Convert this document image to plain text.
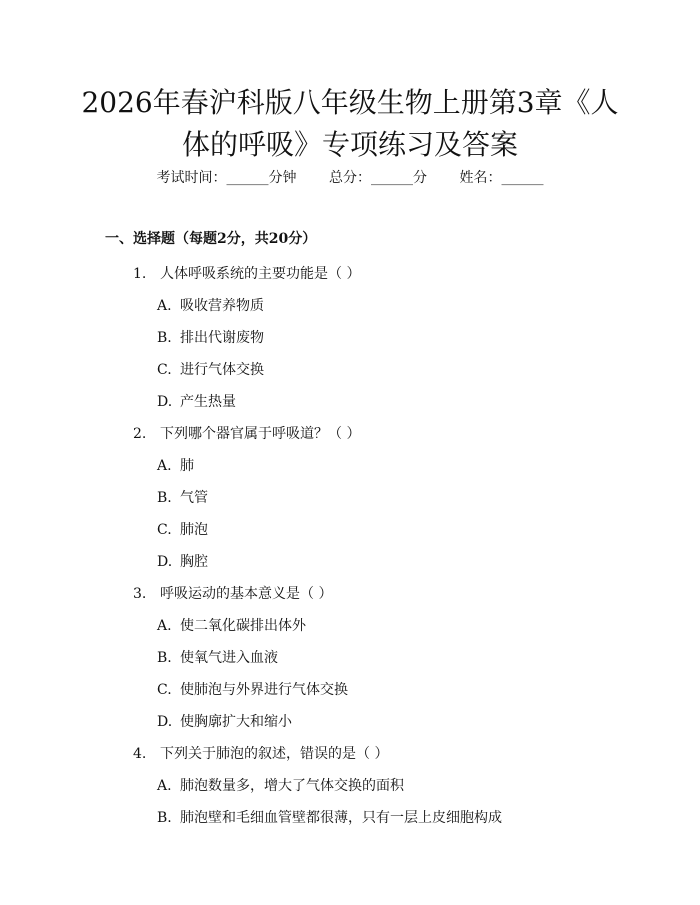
2026年春沪科版八年级生物上册第3章《人
体的呼吸》专项练习及答案
考试时间：______分钟 总分：______分 姓名：______
一、选择题（每题2分，共20分）
1. 人体呼吸系统的主要功能是（ ）
A. 吸收营养物质
B. 排出代谢废物
C. 进行气体交换
D. 产生热量
2. 下列哪个器官属于呼吸道？（ ）
A. 肺
B. 气管
C. 肺泡
D. 胸腔
3. 呼吸运动的基本意义是（ ）
A. 使二氧化碳排出体外
B. 使氧气进入血液
C. 使肺泡与外界进行气体交换
D. 使胸廓扩大和缩小
4. 下列关于肺泡的叙述，错误的是（ ）
A. 肺泡数量多，增大了气体交换的面积
B. 肺泡壁和毛细血管壁都很薄，只有一层上皮细胞构成
